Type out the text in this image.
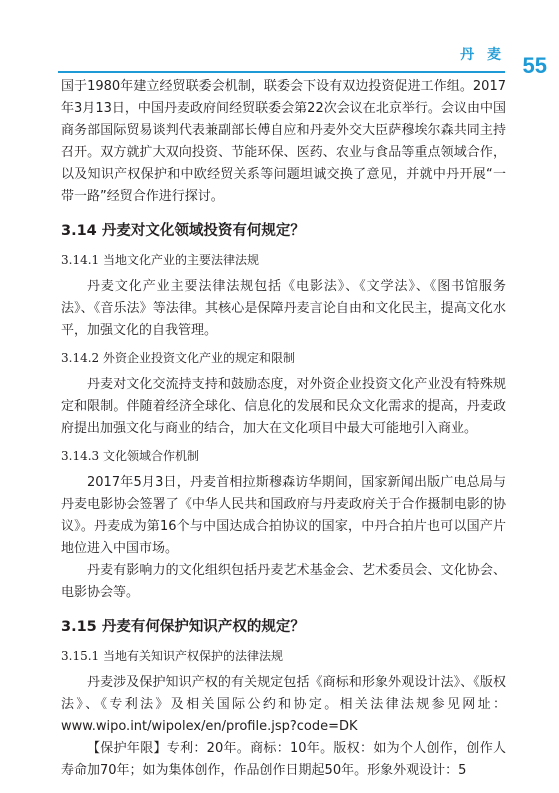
丹 麦 55

国于1980年建立经贸联委会机制，联委会下设有双边投资促进工作组。2017年3月13日，中国丹麦政府间经贸联委会第22次会议在北京举行。会议由中国商务部国际贸易谈判代表兼副部长傅自应和丹麦外交大臣萨穆埃尔森共同主持召开。双方就扩大双向投资、节能环保、医药、农业与食品等重点领域合作，以及知识产权保护和中欧经贸关系等问题坦诚交换了意见，并就中丹开展“一带一路”经贸合作进行探讨。

3.14 丹麦对文化领域投资有何规定？
3.14.1 当地文化产业的主要法律法规

丹麦文化产业主要法律法规包括《电影法》、《文学法》、《图书馆服务法》、《音乐法》等法律。其核心是保障丹麦言论自由和文化民主，提高文化水平，加强文化的自我管理。

3.14.2 外资企业投资文化产业的规定和限制

丹麦对文化交流持支持和鼓励态度，对外资企业投资文化产业没有特殊规定和限制。伴随着经济全球化、信息化的发展和民众文化需求的提高，丹麦政府提出加强文化与商业的结合，加大在文化项目中最大可能地引入商业。

3.14.3 文化领域合作机制

2017年5月3日，丹麦首相拉斯穆森访华期间，国家新闻出版广电总局与丹麦电影协会签署了《中华人民共和国政府与丹麦政府关于合作摄制电影的协议》。丹麦成为第16个与中国达成合拍协议的国家，中丹合拍片也可以国产片地位进入中国市场。

丹麦有影响力的文化组织包括丹麦艺术基金会、艺术委员会、文化协会、电影协会等。

3.15 丹麦有何保护知识产权的规定？
3.15.1 当地有关知识产权保护的法律法规

丹麦涉及保护知识产权的有关规定包括《商标和形象外观设计法》、《版权法》、《专利法》及相关国际公约和协定。相关法律法规参见网址：www.wipo.int/wipolex/en/profile.jsp?code=DK

【保护年限】专利：20年。商标：10年。版权：如为个人创作，创作人寿命加70年；如为集体创作，作品创作日期起50年。形象外观设计：5
